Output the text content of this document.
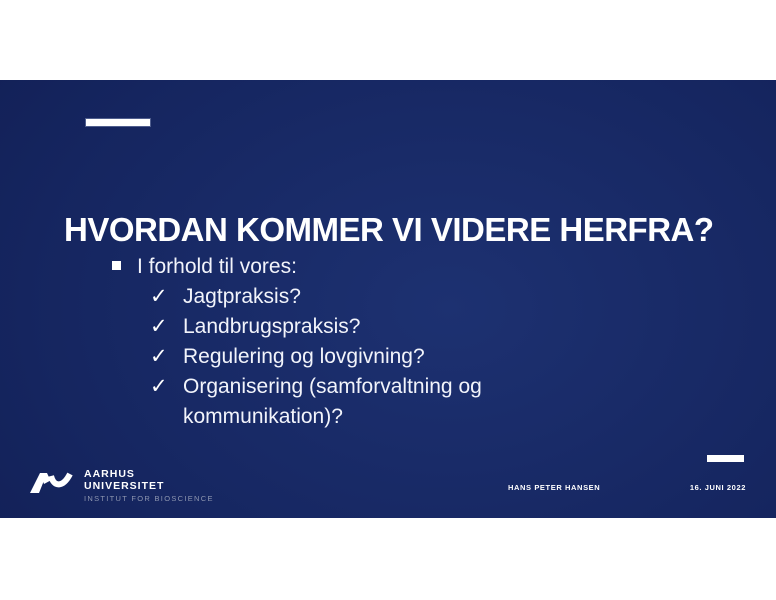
HVORDAN KOMMER VI VIDERE HERFRA?
I forhold til vores:
✓ Jagtpraksis?
✓ Landbrugspraksis?
✓ Regulering og lovgivning?
✓ Organisering (samforvaltning og kommunikation)?
AARHUS
UNIVERSITET
INSTITUT FOR BIOSCIENCE
HANS PETER HANSEN	16. JUNI 2022
